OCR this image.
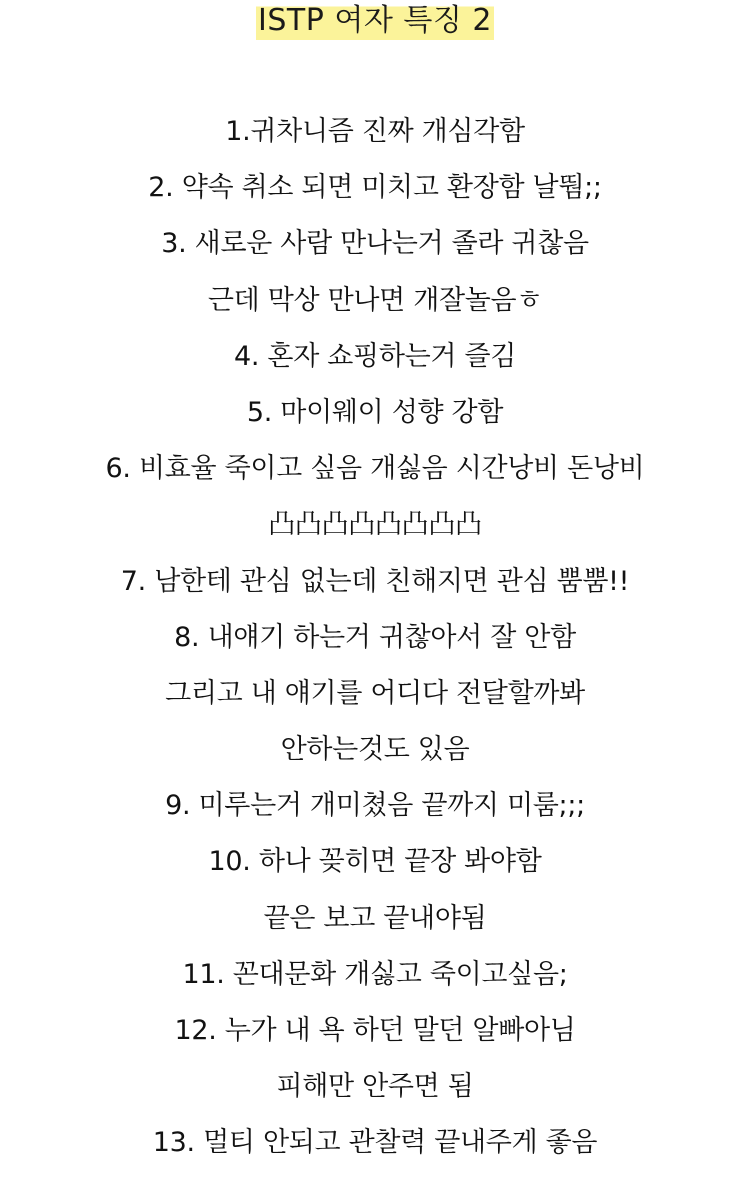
ISTP 여자 특징 2
1.귀차니즘 진짜 개심각함
2. 약속 취소 되면 미치고 환장함 날뛈;;
3. 새로운 사람 만나는거 졸라 귀찮음
근데 막상 만나면 개잘놀음ㅎ
4. 혼자 쇼핑하는거 즐김
5. 마이웨이 성향 강함
6. 비효율 죽이고 싶음 개싫음 시간낭비 돈낭비
凸凸凸凸凸凸凸凸
7. 남한테 관심 없는데 친해지면 관심 뿜뿜!!
8. 내얘기 하는거 귀찮아서 잘 안함
그리고 내 얘기를 어디다 전달할까봐
안하는것도 있음
9. 미루는거 개미쳤음 끝까지 미룸;;;
10. 하나 꽂히면 끝장 봐야함
끝은 보고 끝내야됨
11. 꼰대문화 개싫고 죽이고싶음;
12. 누가 내 욕 하던 말던 알빠아님
피해만 안주면 됨
13. 멀티 안되고 관찰력 끝내주게 좋음
